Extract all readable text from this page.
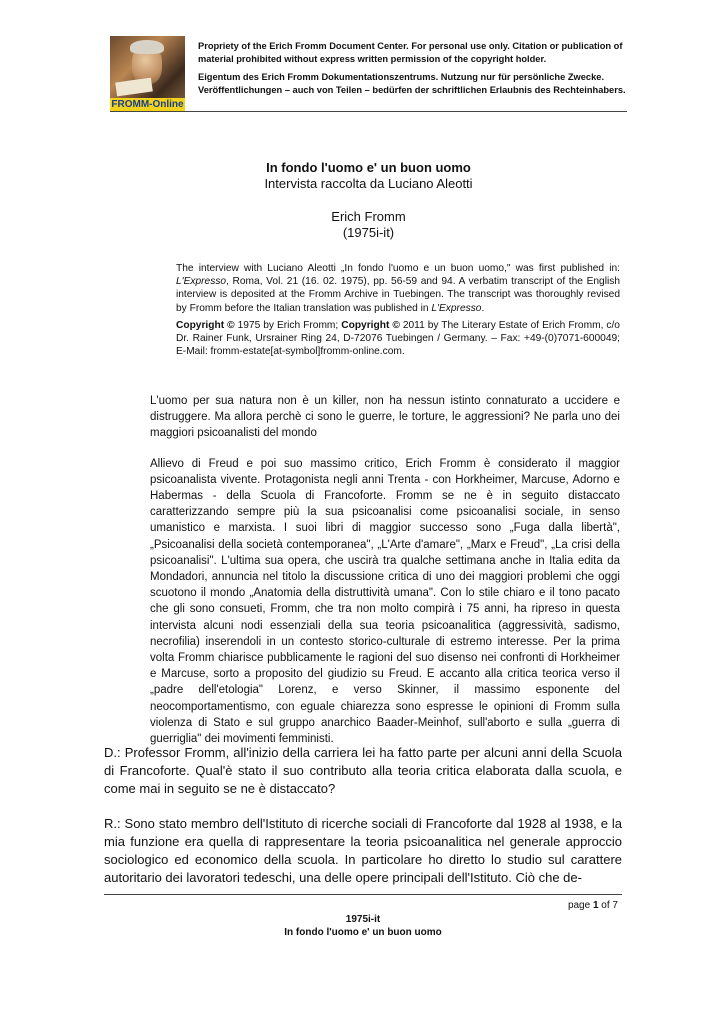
FROMM-Online

Propriety of the Erich Fromm Document Center. For personal use only. Citation or publication of material prohibited without express written permission of the copyright holder.

Eigentum des Erich Fromm Dokumentationszentrums. Nutzung nur für persönliche Zwecke. Veröffentlichungen – auch von Teilen – bedürfen der schriftlichen Erlaubnis des Rechteinhabers.

In fondo l'uomo e' un buon uomo
Intervista raccolta da Luciano Aleotti
Erich Fromm
(1975i-it)

The interview with Luciano Aleotti „In fondo l'uomo e un buon uomo," was first published in: L'Expresso, Roma, Vol. 21 (16. 02. 1975), pp. 56-59 and 94. A verbatim transcript of the English interview is deposited at the Fromm Archive in Tuebingen. The transcript was thoroughly revised by Fromm before the Italian translation was published in L'Expresso.

Copyright © 1975 by Erich Fromm; Copyright © 2011 by The Literary Estate of Erich Fromm, c/o Dr. Rainer Funk, Ursrainer Ring 24, D-72076 Tuebingen / Germany. – Fax: +49-(0)7071-600049; E-Mail: fromm-estate[at-symbol]fromm-online.com.

L'uomo per sua natura non è un killer, non ha nessun istinto connaturato a uccidere e distruggere. Ma allora perchè ci sono le guerre, le torture, le aggressioni? Ne parla uno dei maggiori psicoanalisti del mondo

Allievo di Freud e poi suo massimo critico, Erich Fromm è considerato il maggior psicoanalista vivente. Protagonista negli anni Trenta - con Horkheimer, Marcuse, Adorno e Habermas - della Scuola di Francoforte. Fromm se ne è in seguito distaccato caratterizzando sempre più la sua psicoanalisi come psicoanalisi sociale, in senso umanistico e marxista. I suoi libri di maggior successo sono „Fuga dalla libertà", „Psicoanalisi della società contemporanea", „L'Arte d'amare", „Marx e Freud", „La crisi della psicoanalisi". L'ultima sua opera, che uscirà tra qualche settimana anche in Italia edita da Mondadori, annuncia nel titolo la discussione critica di uno dei maggiori problemi che oggi scuotono il mondo „Anatomia della distruttività umana". Con lo stile chiaro e il tono pacato che gli sono consueti, Fromm, che tra non molto compirà i 75 anni, ha ripreso in questa intervista alcuni nodi essenziali della sua teoria psicoanalitica (aggressività, sadismo, necrofilia) inserendoli in un contesto storico-culturale di estremo interesse. Per la prima volta Fromm chiarisce pubblicamente le ragioni del suo disenso nei confronti di Horkheimer e Marcuse, sorto a proposito del giudizio su Freud. E accanto alla critica teorica verso il „padre dell'etologia" Lorenz, e verso Skinner, il massimo esponente del neocomportamentismo, con eguale chiarezza sono espresse le opinioni di Fromm sulla violenza di Stato e sul gruppo anarchico Baader-Meinhof, sull'aborto e sulla „guerra di guerriglia" dei movimenti femministi.

D.: Professor Fromm, all'inizio della carriera lei ha fatto parte per alcuni anni della Scuola di Francoforte. Qual'è stato il suo contributo alla teoria critica elaborata dalla scuola, e come mai in seguito se ne è distaccato?

R.: Sono stato membro dell'Istituto di ricerche sociali di Francoforte dal 1928 al 1938, e la mia funzione era quella di rappresentare la teoria psicoanalitica nel generale approccio sociologico ed economico della scuola. In particolare ho diretto lo studio sul carattere autoritario dei lavoratori tedeschi, una delle opere principali dell'Istituto. Ciò che de-

page 1 of 7
1975i-it
In fondo l'uomo e' un buon uomo
